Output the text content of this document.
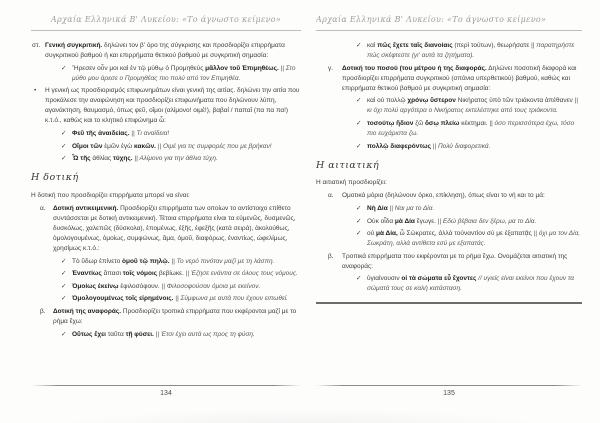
Αρχαία Ελληνικά Β' Λυκείου: «Το άγνωστο κείμενο»
στ. Γενική συγκριτική. δηλώνει τον β' όρο της σύγκρισης και προσδιορίζει επιρρήματα συγκριτικού βαθμού ή και επιρρήματα θετικού βαθμού με συγκριτική σημασία:
✓ Ἤρεσεν οὖν μοι καὶ ἐν τῷ μύθῳ ὁ Προμηθεὺς μᾶλλον τοῦ Ἐπιμηθέως. || Στο μύθο μου άρεσε ο Προμηθέας πιο πολύ από τον Επιμηθέα.
•	Η γενική ως προσδιορισμός επιφωνημάτων είναι γενική της αιτίας. δηλώνει την αιτία που προκάλεσε την αναφώνηση και προσδιορίζει επιφωνήματα που δηλώνουν λύπη, αγανάκτηση, θαυμασμό, όπως φεῦ, οἴμοι (αλίμονο! οιμέ!), βαβαί / παπαῖ (πα πα πα!) κ.τ.ό., καθώς και το κλητικό επιφώνημα ὦ:
✓ Φεῦ τῆς ἀναιδείας. || Τι αναίδεια!
✓ Οἴμοι τῶν ἐμῶν ἐγὼ κακῶν. || Οιμέ για τις συμφορές που με βρήκαν!
✓ Ὦ τῆς ἀθλίας τύχης. || Αλίμονο για την άθλια τύχη.
Η δοτική
Η δοτική που προσδιορίζει επιρρήματα μπορεί να είναι:
α.	Δοτική αντικειμενική. Προσδιορίζει επιρρήματα των οποίων το αντίστοιχο επίθετο συντάσσεται με δοτική αντικειμενική. Τέτοια επιρρήματα είναι τα εὐμενῶς, δυσμενῶς, δυσκόλως, χαλεπῶς (δύσκολα), ἑπομένως, ἑξῆς, ἐφεξῆς (κατά σειρά), ἀκολούθως, ὁμολογουμένως, ὁμοίως, συμφώνως, ἅμα, ὁμοῦ, διαφόρως, ἐναντίως, ὠφελίμως, χρησίμως κ.τ.ό.:
✓ Τὸ ὕδωρ ἐπίνετο ὁμοῦ τῷ πηλῷ. || Το νερό πινόταν μαζί με τη λάσπη.
✓ Ἐναντίως ἅπασι τοῖς νόμοις βεβίωκε. || Έζησε ενάντια σε όλους τους νόμους.
✓ Ὁμοίως ἐκείνῳ ἐφιλοσόφουν. || Φιλοσοφούσαν όμοια με εκείνον.
✓ Ὁμολογουμένως τοῖς εἰρημένοις. || Σύμφωνα με αυτά που έχουν ειπωθεί.
β.	Δοτική της αναφοράς. Προσδιορίζει τροπικά επιρρήματα που εκφέρονται μαζί με το ρήμα ἔχω:
✓ Οὕτως ἔχει ταῦτα τῇ φύσει. || Έτσι έχει αυτά ως προς τη φύση.
134
Αρχαία Ελληνικά Β' Λυκείου: «Το άγνωστο κείμενο»
✓ καὶ πῶς ἔχετε ταῖς διανοίαις (περὶ τούτων), θεωρήσατε || παρατηρήστε πώς σκέφτεστε (γι' αυτά τα ζητήματα).
γ.	Δοτική του ποσού (του μέτρου ή της διαφοράς. Δηλώνει ποσοτική διαφορά και προσδιορίζει επιρρήματα συγκριτικού (σπάνια υπερθετικού) βαθμού, καθώς και επιρρήματα θετικού βαθμού με συγκριτική σημασία:
✓ καὶ οὐ πολλῷ χρόνῳ ὕστερον Νικήρατος ὑπὸ τῶν τριάκοντα ἀπέθανεν || κι όχι πολύ αργότερα ο Νικήρατος εκτελέστηκε από τους τριάκοντα.
✓ τοσούτῳ ἥδιον ζῶ ὅσῳ πλείω κέκτημαι. || όσο περισσότερα έχω, τόσο πιο ευχάριστα ζω.
✓ πολλῷ διαφερόντως || Πολύ διαφορετικά.
Η αιτιατική
Η αιτιατική προσδιορίζει:
α.	Ομοτικά μόρια (δηλώνουν όρκο, επίκληση), όπως είναι το νή και το μά:
✓ Νὴ Δία || Ναι μα το Δία.
✓ Οὐκ οἶδα μὰ Δία ἔγωγε. || Εδώ βέβαια δεν ξέρω, μα το Δία.
✓ οὐ μὰ Δία, ὦ Σώκρατες, ἀλλὰ τοὐναντίον σύ με ἐξαπατᾷς || όχι μα τον Δία, Σωκράτη, αλλά αντίθετα εσύ με εξαπατάς.
β.	Τροπικά επιρρήματα που εκφέρονται με το ρήμα ἔχω. Ονομάζεται αιτιατική της αναφοράς:
✓ ὑγιαίνουσιν οἱ τὰ σώματα εὖ ἔχοντες // υγιείς είναι εκείνοι που έχουν τα σώματά τους σε καλή κατάσταση.
135
